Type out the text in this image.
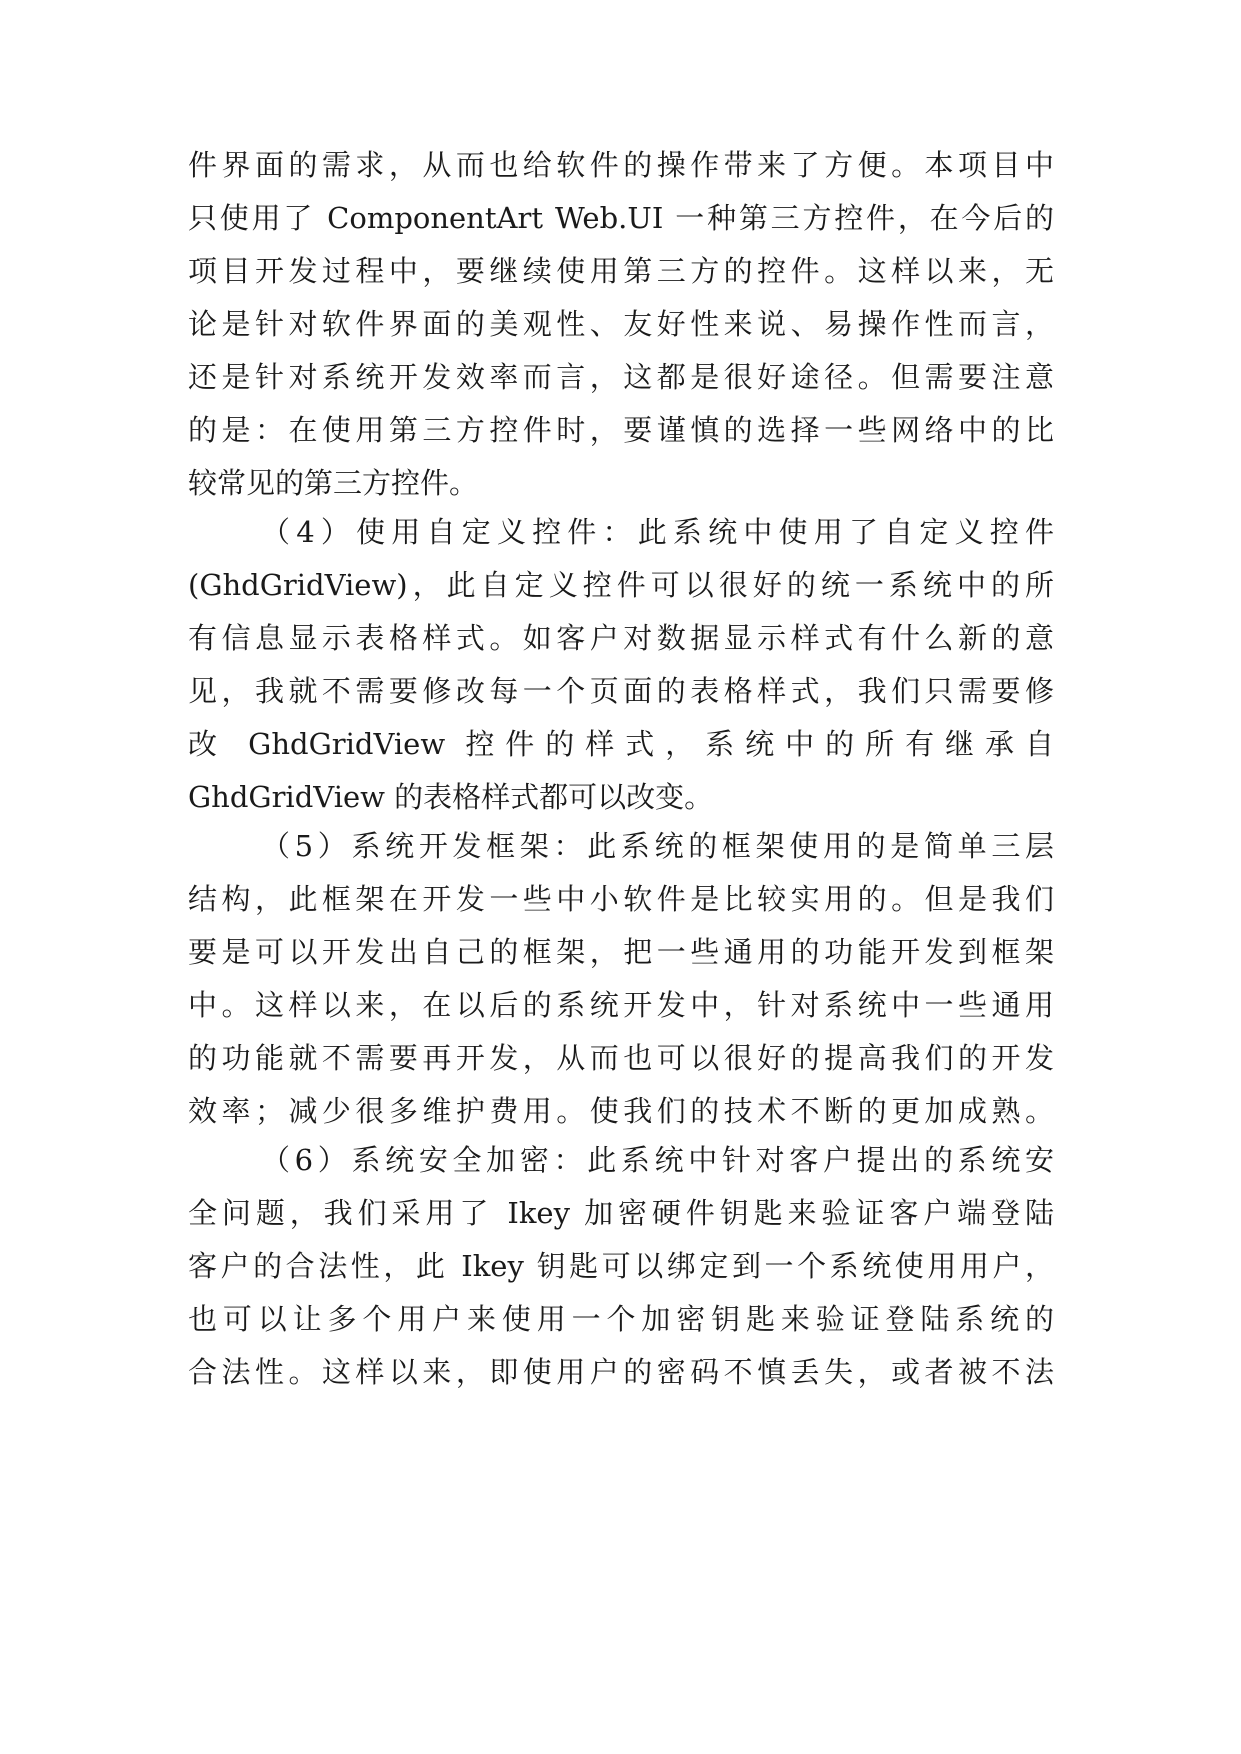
件界面的需求，从而也给软件的操作带来了方便。本项目中
只使用了 ComponentArt Web.UI 一种第三方控件，在今后的
项目开发过程中，要继续使用第三方的控件。这样以来，无
论是针对软件界面的美观性、友好性来说、易操作性而言，
还是针对系统开发效率而言，这都是很好途径。但需要注意
的是：在使用第三方控件时，要谨慎的选择一些网络中的比
较常见的第三方控件。
（4）使用自定义控件：此系统中使用了自定义控件
(GhdGridView)，此自定义控件可以很好的统一系统中的所
有信息显示表格样式。如客户对数据显示样式有什么新的意
见，我就不需要修改每一个页面的表格样式，我们只需要修
改 GhdGridView 控件的样式，系统中的所有继承自
GhdGridView 的表格样式都可以改变。
（5）系统开发框架：此系统的框架使用的是简单三层
结构，此框架在开发一些中小软件是比较实用的。但是我们
要是可以开发出自己的框架，把一些通用的功能开发到框架
中。这样以来，在以后的系统开发中，针对系统中一些通用
的功能就不需要再开发，从而也可以很好的提高我们的开发
效率；减少很多维护费用。使我们的技术不断的更加成熟。
（6）系统安全加密：此系统中针对客户提出的系统安
全问题，我们采用了 Ikey 加密硬件钥匙来验证客户端登陆
客户的合法性，此 Ikey 钥匙可以绑定到一个系统使用用户，
也可以让多个用户来使用一个加密钥匙来验证登陆系统的
合法性。这样以来，即使用户的密码不慎丢失，或者被不法
